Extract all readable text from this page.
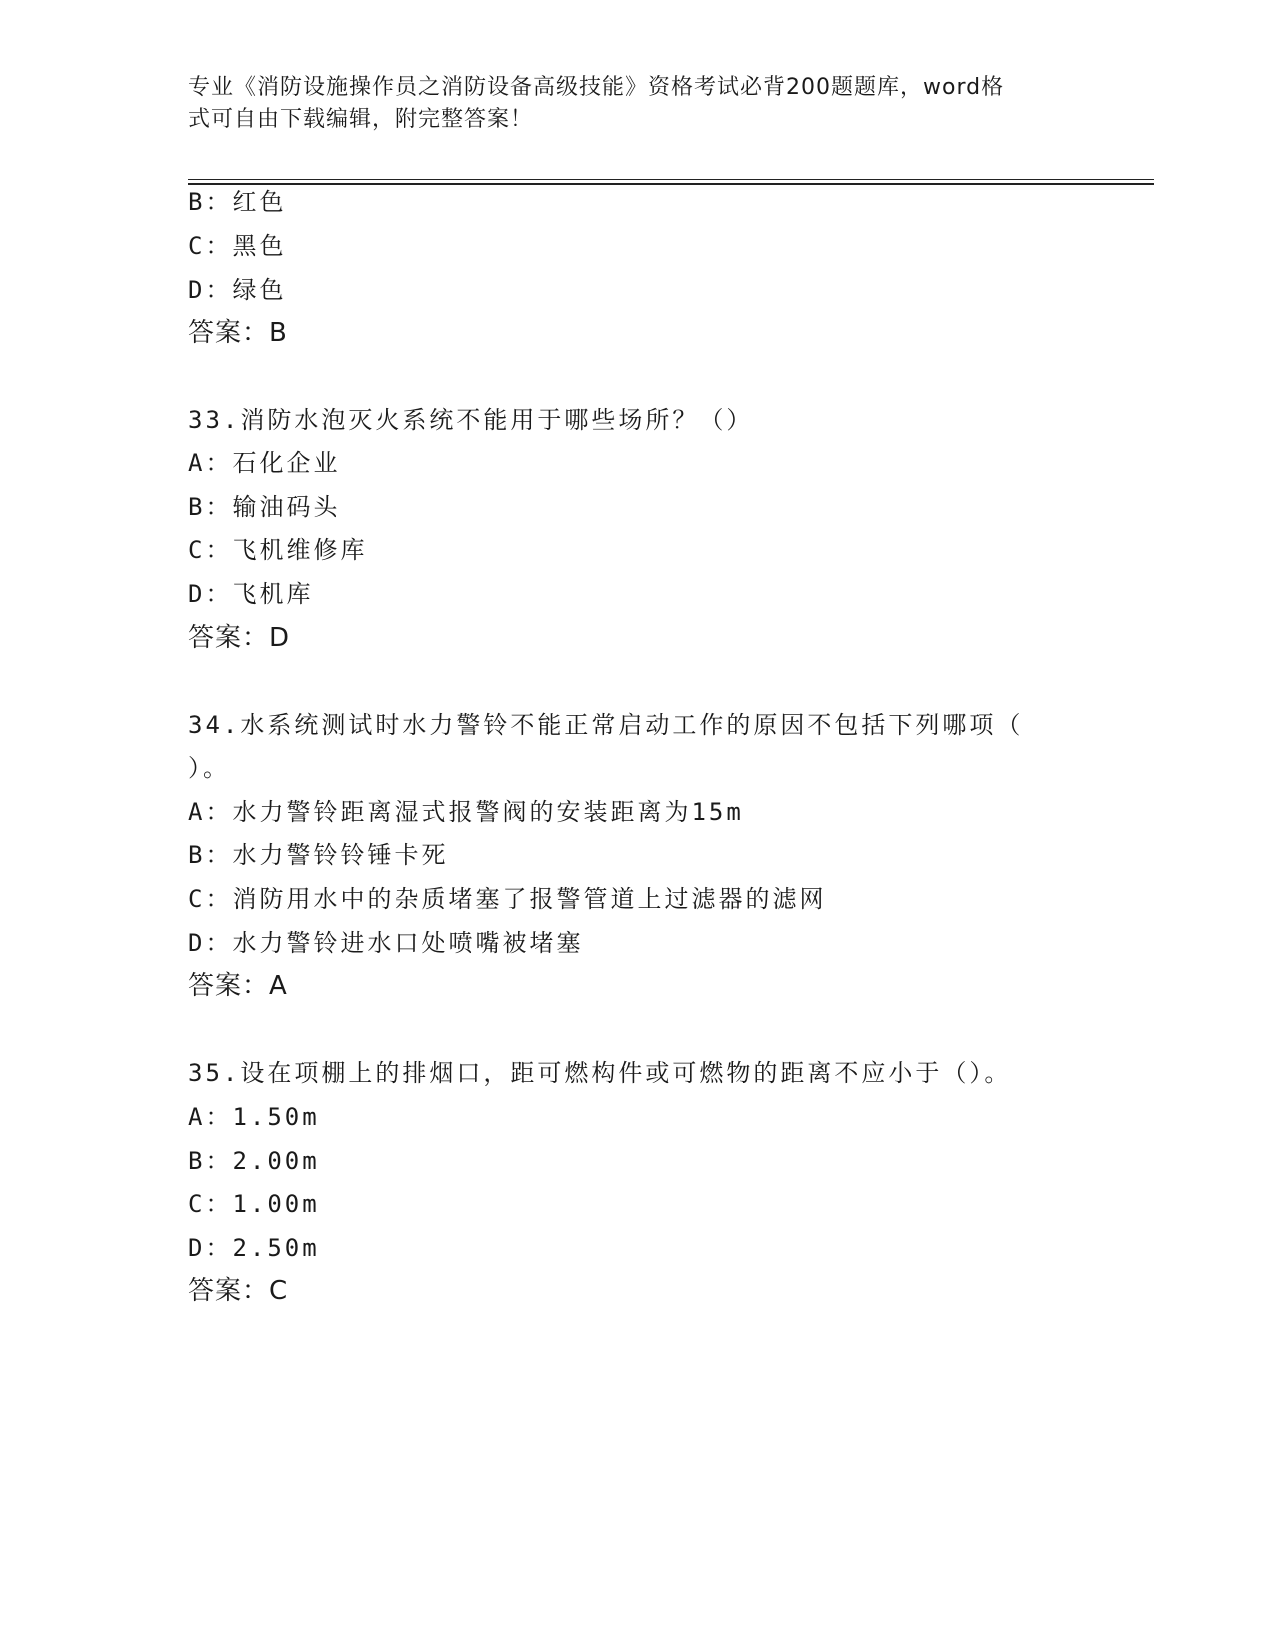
专业《消防设施操作员之消防设备高级技能》资格考试必背200题题库，word格
式可自由下载编辑，附完整答案！
B：红色
C：黑色
D：绿色
答案：B
33.消防水泡灭火系统不能用于哪些场所？（）
A：石化企业
B：输油码头
C：飞机维修库
D：飞机库
答案：D
34.水系统测试时水力警铃不能正常启动工作的原因不包括下列哪项（
）。
A：水力警铃距离湿式报警阀的安装距离为15m
B：水力警铃铃锤卡死
C：消防用水中的杂质堵塞了报警管道上过滤器的滤网
D：水力警铃进水口处喷嘴被堵塞
答案：A
35.设在项棚上的排烟口，距可燃构件或可燃物的距离不应小于（）。
A：1.50m
B：2.00m
C：1.00m
D：2.50m
答案：C
